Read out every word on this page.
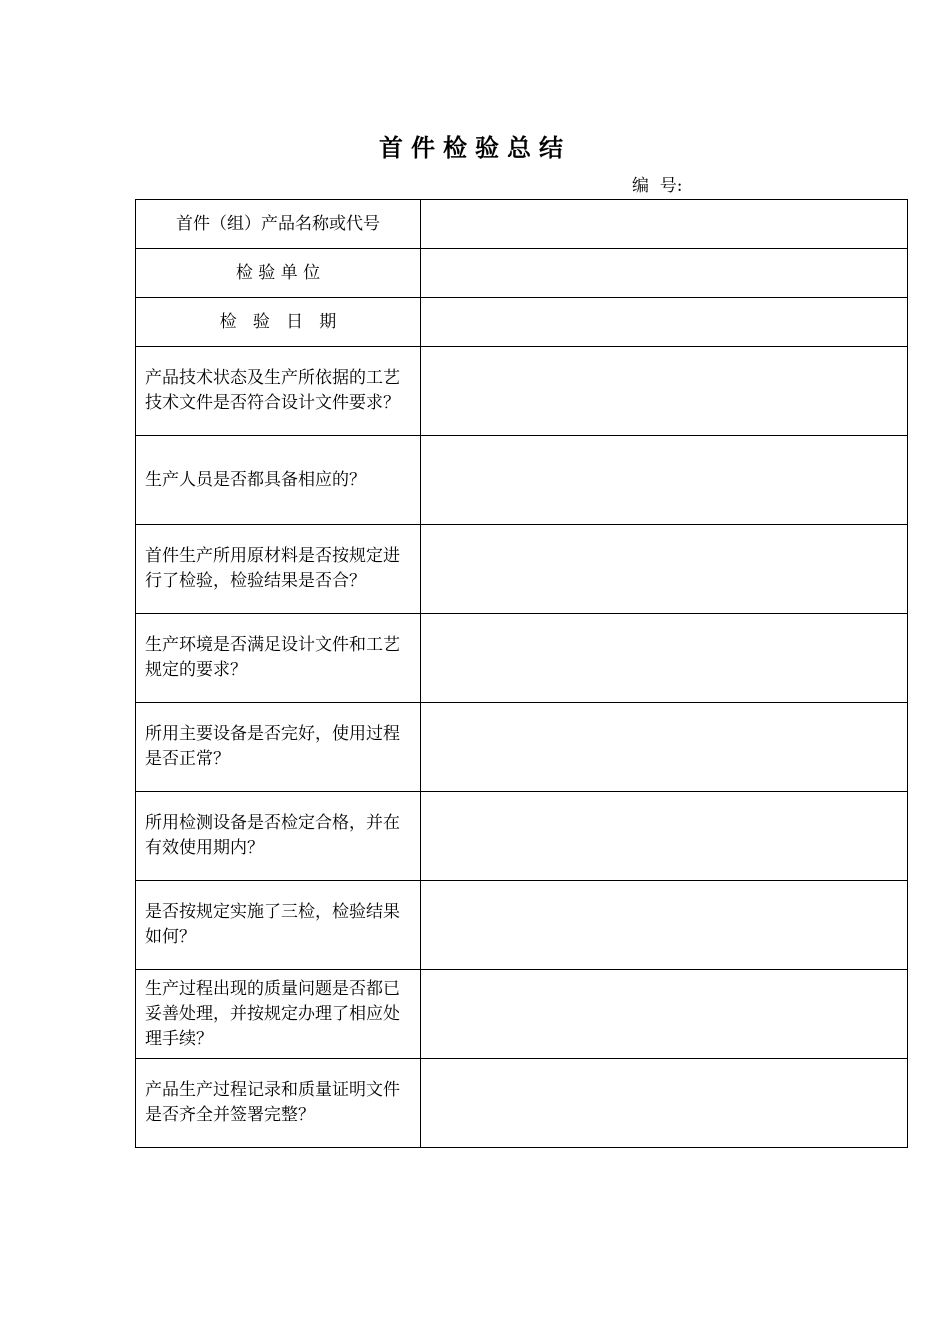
首件检验总结
编  号:
首件（组）产品名称或代号	
检 验 单 位	
检   验   日   期	
产品技术状态及生产所依据的工艺技术文件是否符合设计文件要求？	
生产人员是否都具备相应的？	
首件生产所用原材料是否按规定进行了检验，检验结果是否合？	
生产环境是否满足设计文件和工艺规定的要求？	
所用主要设备是否完好，使用过程是否正常？	
所用检测设备是否检定合格，并在有效使用期内？	
是否按规定实施了三检，检验结果如何？	
生产过程出现的质量问题是否都已妥善处理，并按规定办理了相应处理手续？	
产品生产过程记录和质量证明文件是否齐全并签署完整？	
